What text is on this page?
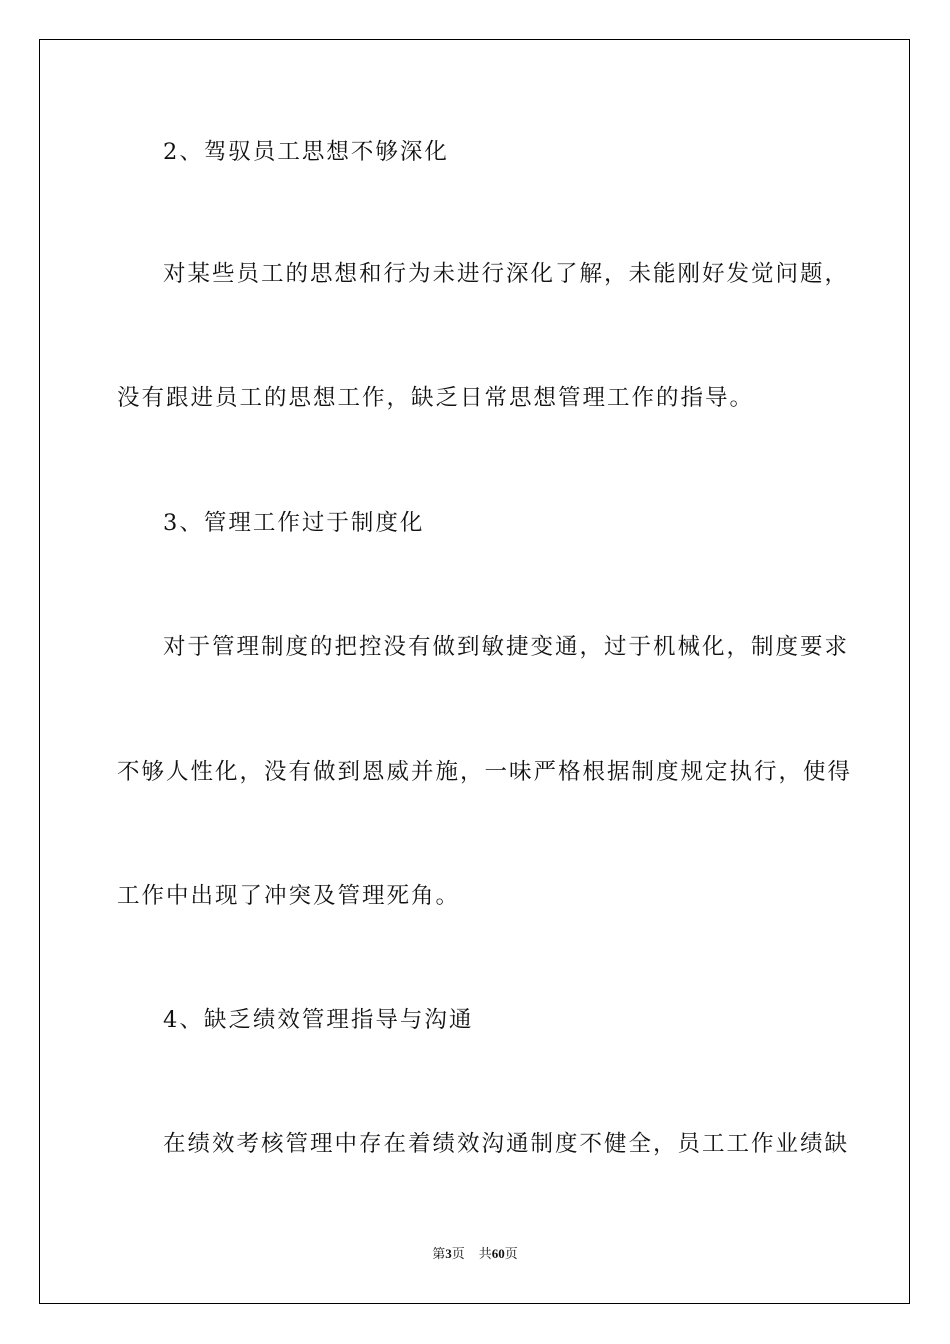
2、驾驭员工思想不够深化
对某些员工的思想和行为未进行深化了解，未能刚好发觉问题，
没有跟进员工的思想工作，缺乏日常思想管理工作的指导。
3、管理工作过于制度化
对于管理制度的把控没有做到敏捷变通，过于机械化，制度要求
不够人性化，没有做到恩威并施，一味严格根据制度规定执行，使得
工作中出现了冲突及管理死角。
4、缺乏绩效管理指导与沟通
在绩效考核管理中存在着绩效沟通制度不健全，员工工作业绩缺
第3页 共60页
